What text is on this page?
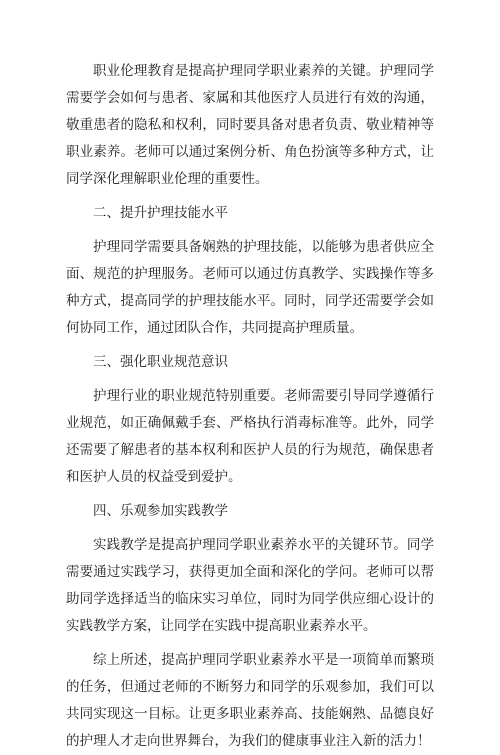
职业伦理教育是提高护理同学职业素养的关键。护理同学需要学会如何与患者、家属和其他医疗人员进行有效的沟通，敬重患者的隐私和权利，同时要具备对患者负责、敬业精神等职业素养。老师可以通过案例分析、角色扮演等多种方式，让同学深化理解职业伦理的重要性。

二、提升护理技能水平

护理同学需要具备娴熟的护理技能，以能够为患者供应全面、规范的护理服务。老师可以通过仿真教学、实践操作等多种方式，提高同学的护理技能水平。同时，同学还需要学会如何协同工作，通过团队合作，共同提高护理质量。

三、强化职业规范意识

护理行业的职业规范特别重要。老师需要引导同学遵循行业规范，如正确佩戴手套、严格执行消毒标准等。此外，同学还需要了解患者的基本权利和医护人员的行为规范，确保患者和医护人员的权益受到爱护。

四、乐观参加实践教学

实践教学是提高护理同学职业素养水平的关键环节。同学需要通过实践学习，获得更加全面和深化的学问。老师可以帮助同学选择适当的临床实习单位，同时为同学供应细心设计的实践教学方案，让同学在实践中提高职业素养水平。

综上所述，提高护理同学职业素养水平是一项简单而繁琐的任务，但通过老师的不断努力和同学的乐观参加，我们可以共同实现这一目标。让更多职业素养高、技能娴熟、品德良好的护理人才走向世界舞台，为我们的健康事业注入新的活力！
